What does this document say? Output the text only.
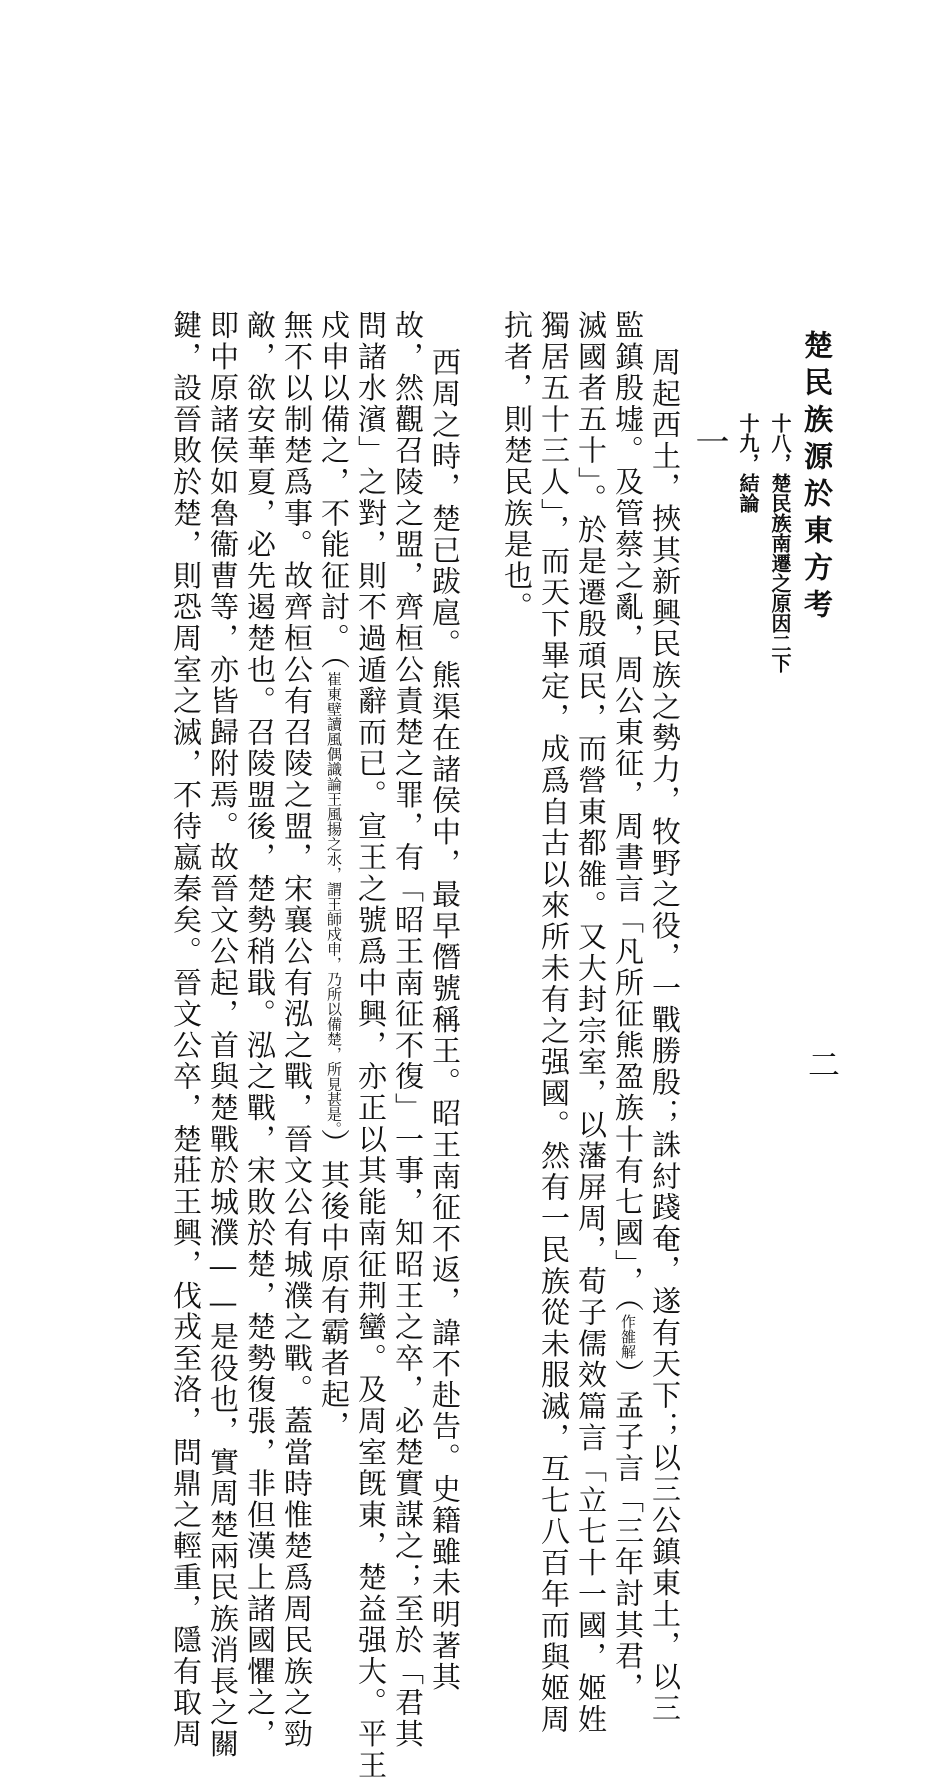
楚民族源於東方考
二
十八，楚民族南遷之原因二下
十九，結論
一
周起西土，挾其新興民族之勢力，牧野之役，一戰勝殷；誅紂踐奄，遂有天下；以三公鎮東土，以三
監鎮殷墟。及管蔡之亂，周公東征，周書言「凡所征熊盈族十有七國」，（作雒解）孟子言「三年討其君，
滅國者五十」。於是遷殷頑民，而營東都雒。又大封宗室，以藩屏周，荀子儒效篇言「立七十一國，姬姓
獨居五十三人」，而天下畢定，成爲自古以來所未有之强國。然有一民族從未服滅，互七八百年而與姬周
抗者，則楚民族是也。
西周之時，楚已跋扈。熊渠在諸侯中，最早僭號稱王。昭王南征不返，諱不赴告。史籍雖未明著其
故，然觀召陵之盟，齊桓公責楚之罪，有「昭王南征不復」一事，知昭王之卒，必楚實謀之；至於「君其
問諸水濱」之對，則不過遁辭而已。宣王之號爲中興，亦正以其能南征荆蠻。及周室旣東，楚益强大。平王
戍申以備之，不能征討。（崔東壁讀風偶識論王風揚之水，謂王師戍申，乃所以備楚，所見甚是。）其後中原有霸者起，
無不以制楚爲事。故齊桓公有召陵之盟，宋襄公有泓之戰，晉文公有城濮之戰。蓋當時惟楚爲周民族之勁
敵，欲安華夏，必先遏楚也。召陵盟後，楚勢稍戢。泓之戰，宋敗於楚，楚勢復張，非但漢上諸國懼之，
即中原諸侯如魯衞曹等，亦皆歸附焉。故晉文公起，首與楚戰於城濮——是役也，實周楚兩民族消長之關
鍵，設晉敗於楚，則恐周室之滅，不待嬴秦矣。晉文公卒，楚莊王興，伐戎至洛，問鼎之輕重，隱有取周
